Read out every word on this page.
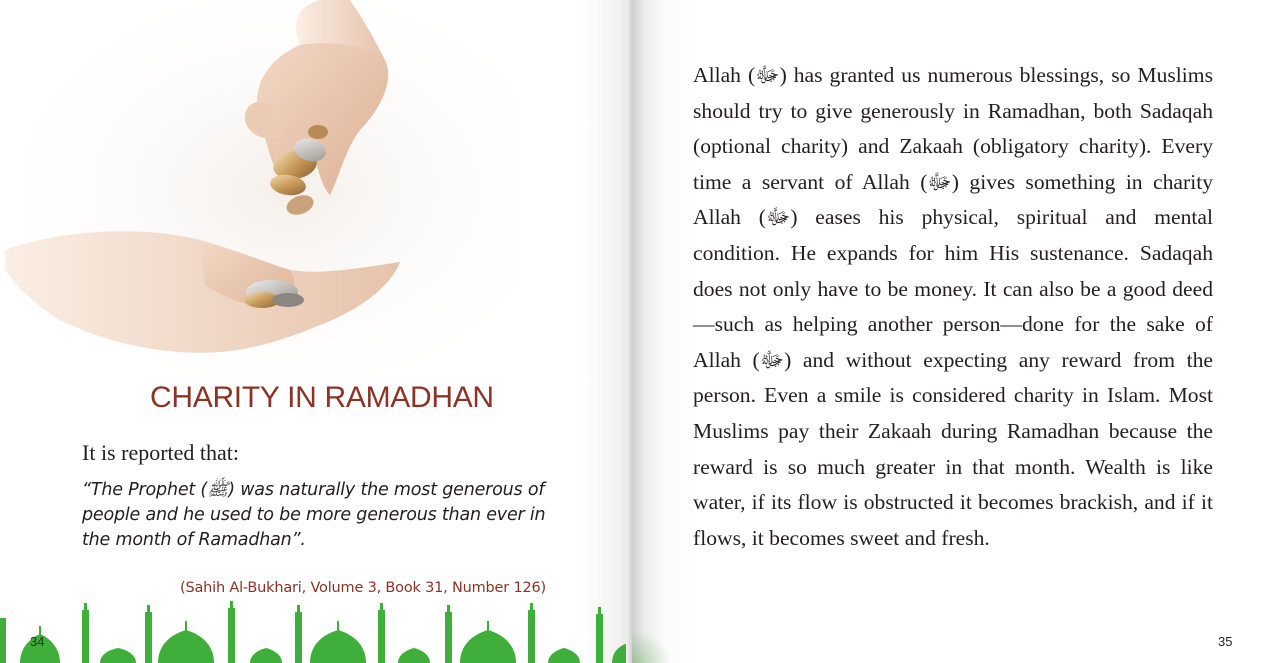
CHARITY IN RAMADHAN
It is reported that:
“The Prophet (ﷺ) was naturally the most generous of
people and he used to be more generous than ever in
the month of Ramadhan”.
(Sahih Al-Bukhari, Volume 3, Book 31, Number 126)
34

Allah (ﷻ) has granted us numerous blessings, so Muslims should try to give generously in Ramadhan, both Sadaqah (optional charity) and Zakaah (obligatory charity). Every time a servant of Allah (ﷻ) gives something in charity Allah (ﷻ) eases his physical, spiritual and mental condition. He expands for him His sustenance. Sadaqah does not only have to be money. It can also be a good deed—such as helping another person—done for the sake of Allah (ﷻ) and without expecting any reward from the person. Even a smile is considered charity in Islam. Most Muslims pay their Zakaah during Ramadhan because the reward is so much greater in that month. Wealth is like water, if its flow is obstructed it becomes brackish, and if it flows, it becomes sweet and fresh.

35
